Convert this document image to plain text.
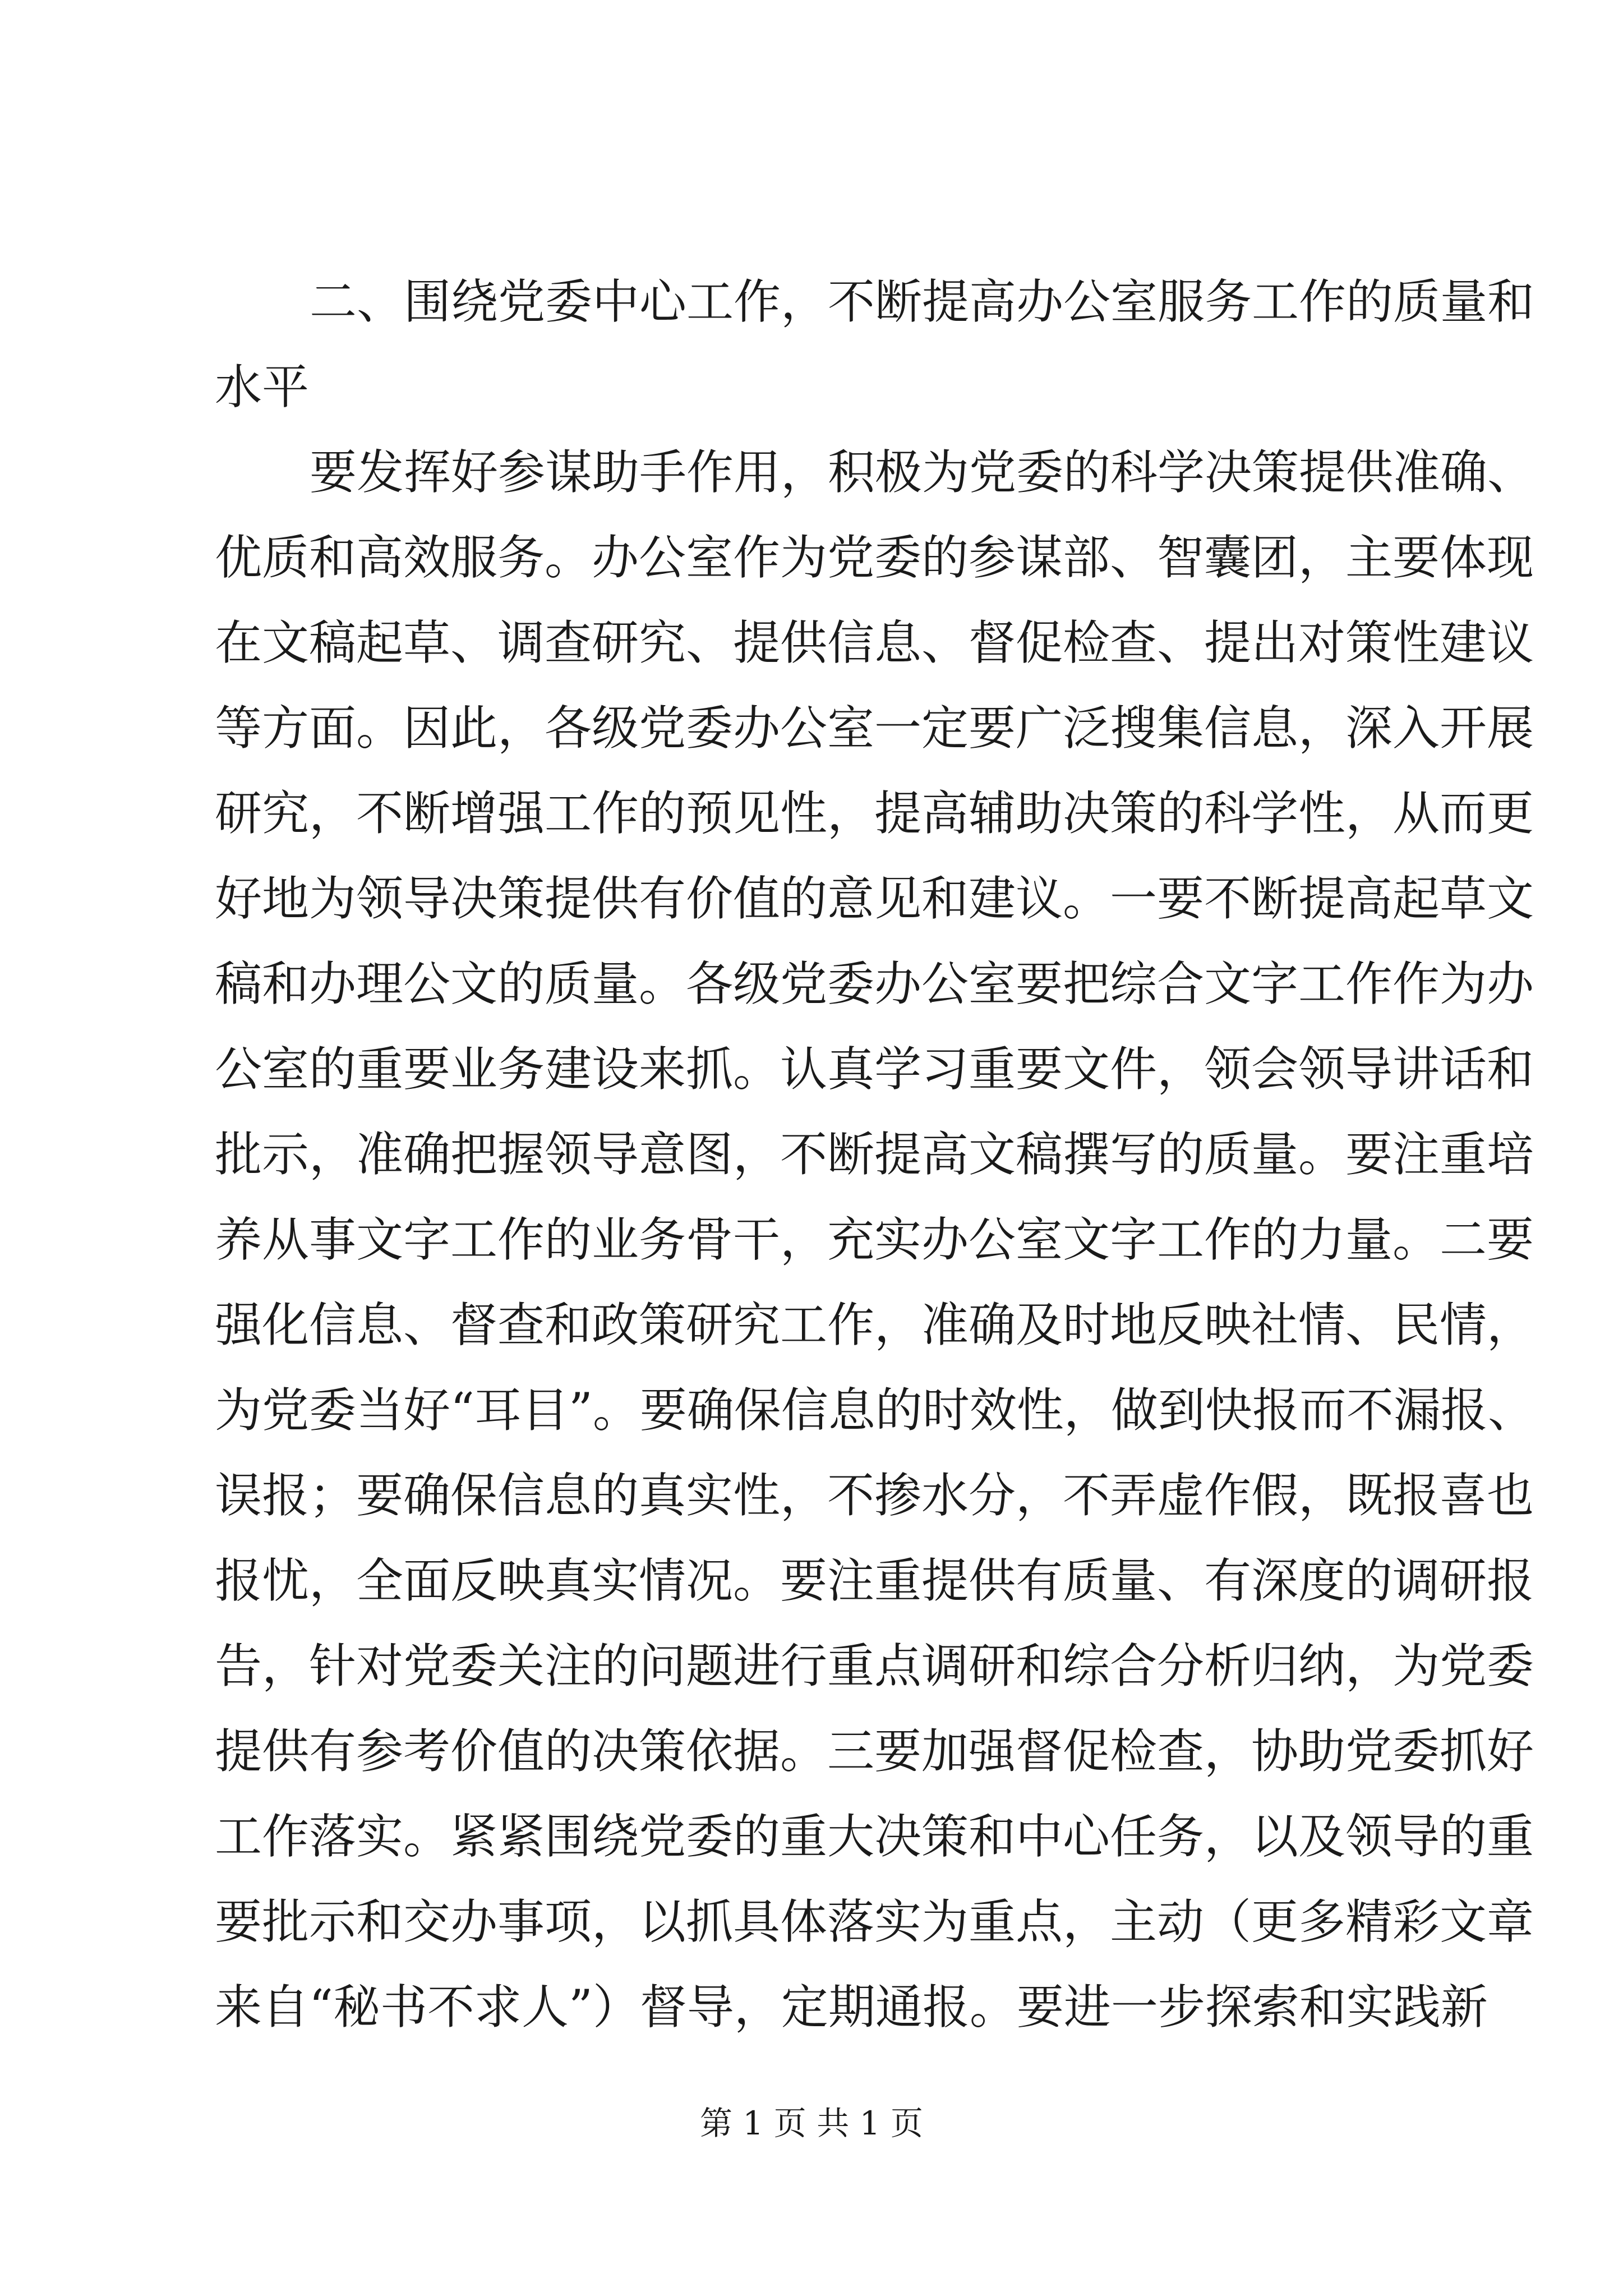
二、围绕党委中心工作，不断提高办公室服务工作的质量和
水平
要发挥好参谋助手作用，积极为党委的科学决策提供准确、
优质和高效服务。办公室作为党委的参谋部、智囊团，主要体现
在文稿起草、调查研究、提供信息、督促检查、提出对策性建议
等方面。因此，各级党委办公室一定要广泛搜集信息，深入开展
研究，不断增强工作的预见性，提高辅助决策的科学性，从而更
好地为领导决策提供有价值的意见和建议。一要不断提高起草文
稿和办理公文的质量。各级党委办公室要把综合文字工作作为办
公室的重要业务建设来抓。认真学习重要文件，领会领导讲话和
批示，准确把握领导意图，不断提高文稿撰写的质量。要注重培
养从事文字工作的业务骨干，充实办公室文字工作的力量。二要
强化信息、督查和政策研究工作，准确及时地反映社情、民情，
为党委当好“耳目”。要确保信息的时效性，做到快报而不漏报、
误报；要确保信息的真实性，不掺水分，不弄虚作假，既报喜也
报忧，全面反映真实情况。要注重提供有质量、有深度的调研报
告，针对党委关注的问题进行重点调研和综合分析归纳，为党委
提供有参考价值的决策依据。三要加强督促检查，协助党委抓好
工作落实。紧紧围绕党委的重大决策和中心任务，以及领导的重
要批示和交办事项，以抓具体落实为重点，主动（更多精彩文章
来自“秘书不求人”）督导，定期通报。要进一步探索和实践新
第 1 页 共 1 页
